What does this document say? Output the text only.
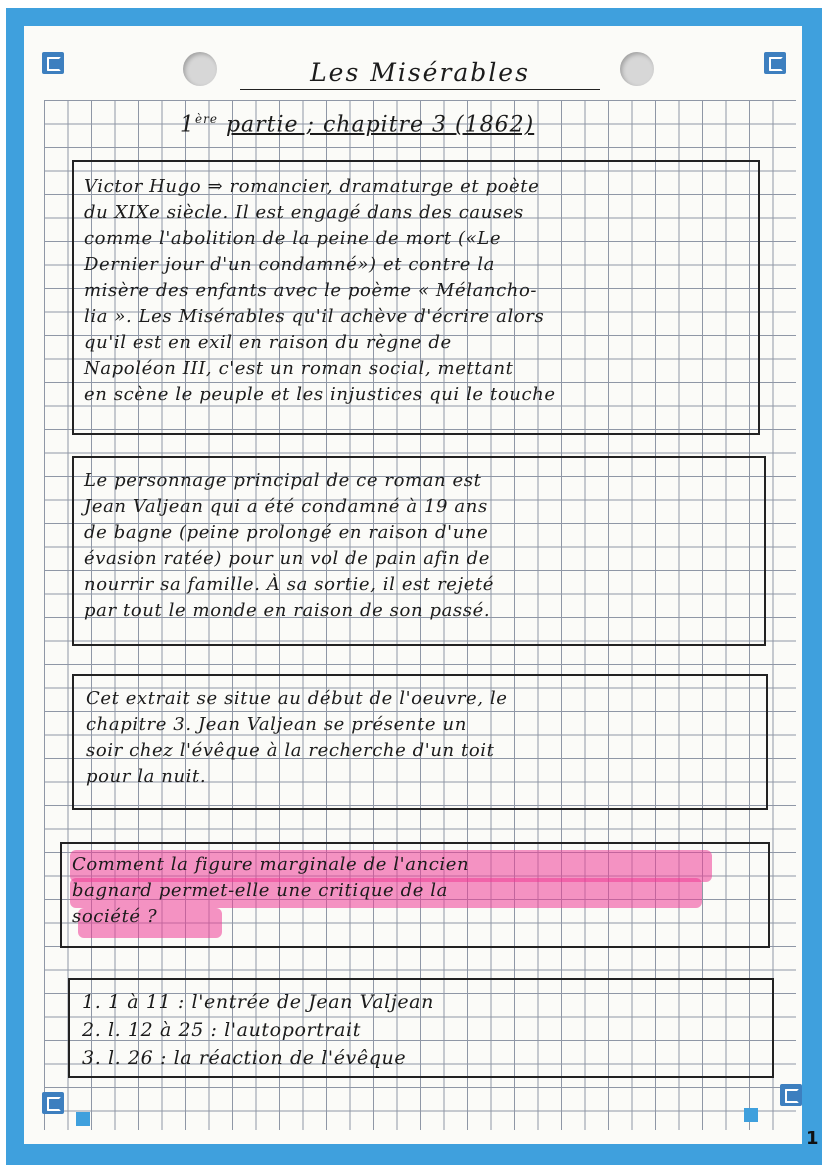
Les Misérables
1ère partie ; chapitre 3 (1862)

Victor Hugo ⇒ romancier, dramaturge et poète

du XIXe siècle. Il est engagé dans des causes

comme l'abolition de la peine de mort («Le

Dernier jour d'un condamné») et contre la

misère des enfants avec le poème « Mélancho-

lia ». Les Misérables qu'il achève d'écrire alors

qu'il est en exil en raison du règne de

Napoléon III, c'est un roman social, mettant

en scène le peuple et les injustices qui le touche

Le personnage principal de ce roman est

Jean Valjean qui a été condamné à 19 ans

de bagne (peine prolongé en raison d'une

évasion ratée) pour un vol de pain afin de

nourrir sa famille. À sa sortie, il est rejeté

par tout le monde en raison de son passé.

Cet extrait se situe au début de l'oeuvre, le

chapitre 3. Jean Valjean se présente un

soir chez l'évêque à la recherche d'un toit

pour la nuit.

Comment la figure marginale de l'ancien

bagnard permet-elle une critique de la

société ?

1. 1 à 11 : l'entrée de Jean Valjean

2. l. 12 à 25 : l'autoportrait

3. l. 26 : la réaction de l'évêque

1
